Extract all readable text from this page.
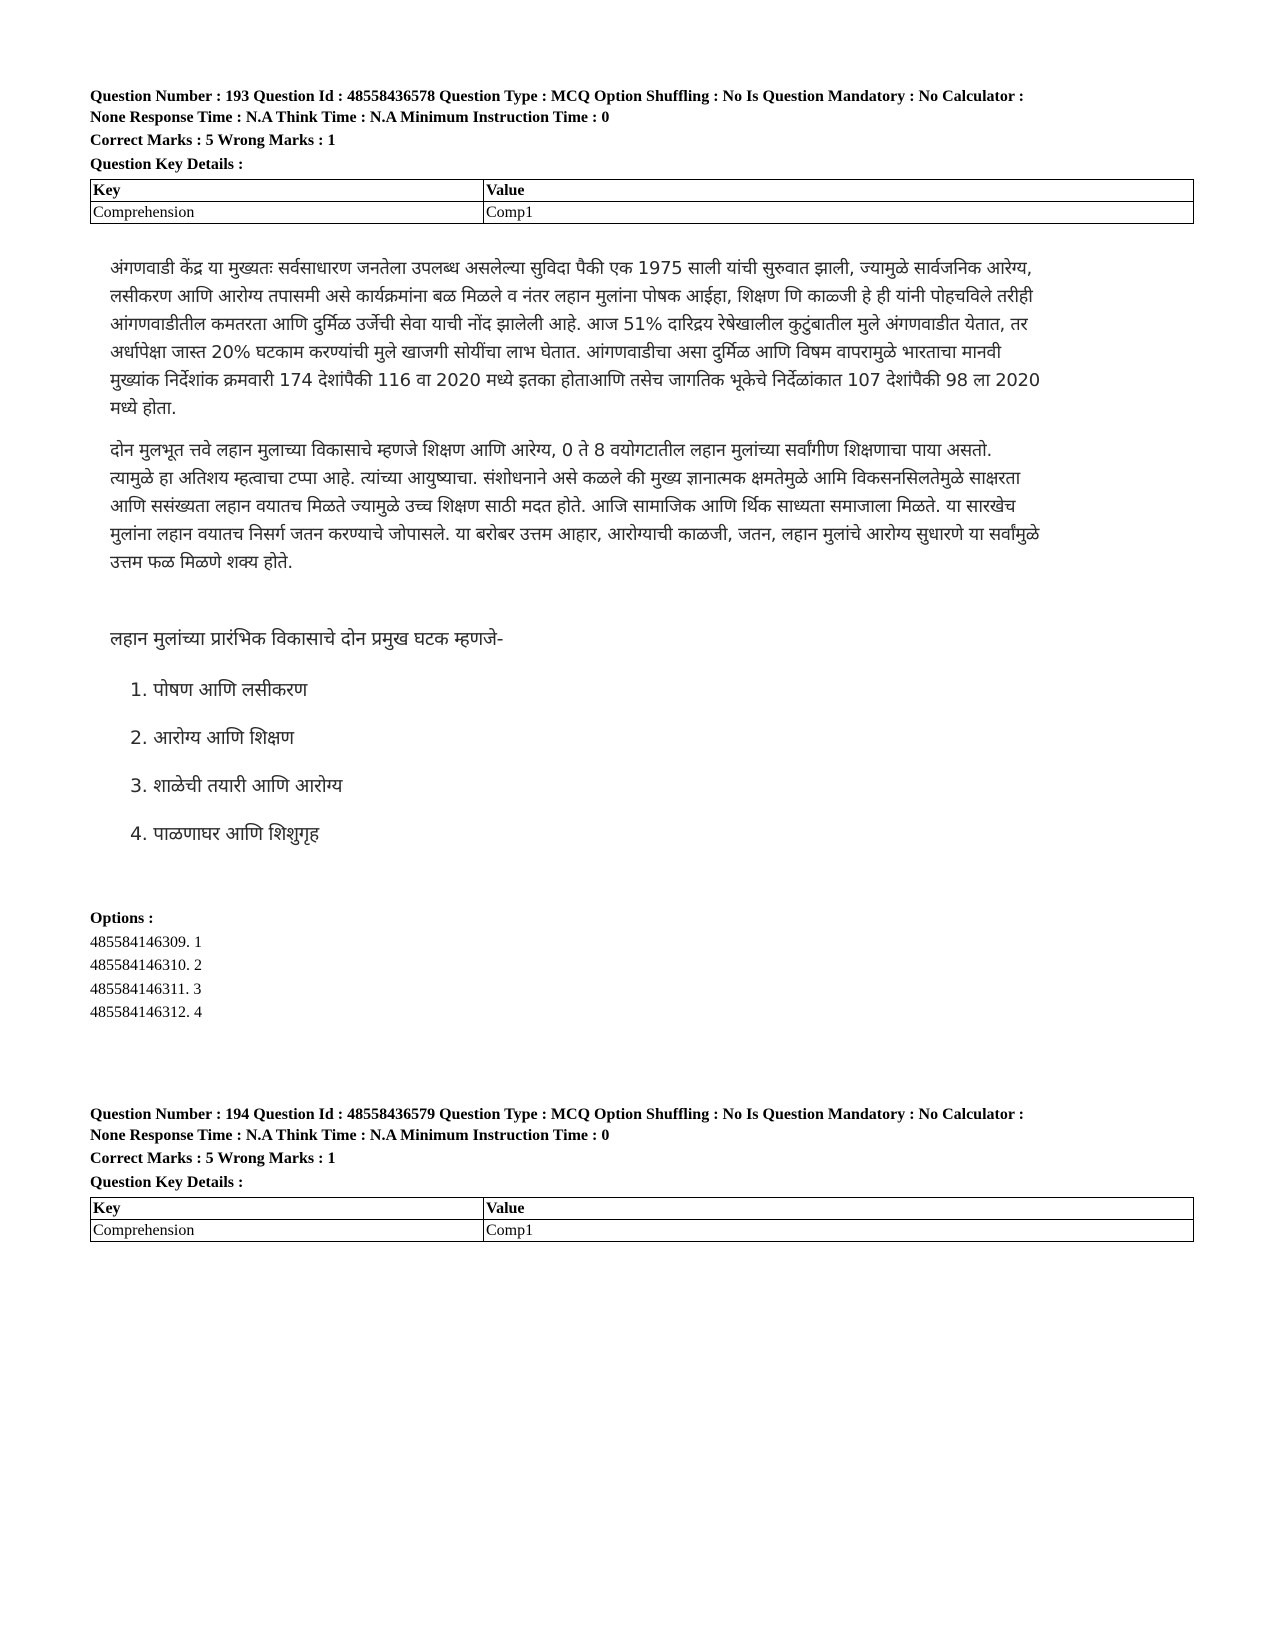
Question Number : 193 Question Id : 48558436578 Question Type : MCQ Option Shuffling : No Is Question Mandatory : No Calculator :
None Response Time : N.A Think Time : N.A Minimum Instruction Time : 0
Correct Marks : 5 Wrong Marks : 1
Question Key Details :
Key	Value
Comprehension	Comp1

अंगणवाडी केंद्र या मुख्यतः सर्वसाधारण जनतेला उपलब्ध असलेल्या सुविदा पैकी एक 1975 साली यांची सुरुवात झाली, ज्यामुळे सार्वजनिक आरेग्य, लसीकरण आणि आरोग्य तपासमी असे कार्यक्रमांना बळ मिळले व नंतर लहान मुलांना पोषक आईहा, शिक्षण णि काळ्जी हे ही यांनी पोहचविले तरीही आंगणवाडीतील कमतरता आणि दुर्मिळ उर्जेची सेवा याची नोंद झालेली आहे. आज 51% दारिद्रय रेषेखालील कुटुंबातील मुले अंगणवाडीत येतात, तर अर्धापेक्षा जास्त 20% घटकाम करण्यांची मुले खाजगी सोयींचा लाभ घेतात. आंगणवाडीचा असा दुर्मिळ आणि विषम वापरामुळे भारताचा मानवी मुख्यांक निर्देशांक क्रमवारी 174 देशांपैकी 116 वा 2020 मध्ये इतका होताआणि तसेच जागतिक भूकेचे निर्देळांकात 107 देशांपैकी 98 ला 2020 मध्ये होता.

दोन मुलभूत त्तवे लहान मुलाच्या विकासाचे म्हणजे शिक्षण आणि आरेग्य, 0 ते 8 वयोगटातील लहान मुलांच्या सर्वांगीण शिक्षणाचा पाया असतो. त्यामुळे हा अतिशय म्हत्वाचा टप्पा आहे. त्यांच्या आयुष्याचा. संशोधनाने असे कळले की मुख्य ज्ञानात्मक क्षमतेमुळे आमि विकसनसिलतेमुळे साक्षरता आणि ससंख्यता लहान वयातच मिळते ज्यामुळे उच्च शिक्षण साठी मदत होते. आजि सामाजिक आणि र्थिक साध्यता समाजाला मिळते. या सारखेच मुलांना लहान वयातच निसर्ग जतन करण्याचे जोपासले. या बरोबर उत्तम आहार, आरोग्याची काळजी, जतन, लहान मुलांचे आरोग्य सुधारणे या सर्वांमुळे उत्तम फळ मिळणे शक्य होते.

लहान मुलांच्या प्रारंभिक विकासाचे दोन प्रमुख घटक म्हणजे-

1. पोषण आणि लसीकरण
2. आरोग्य आणि शिक्षण
3. शाळेची तयारी आणि आरोग्य
4. पाळणाघर आणि शिशुगृह
Options :
485584146309. 1
485584146310. 2
485584146311. 3
485584146312. 4
Question Number : 194 Question Id : 48558436579 Question Type : MCQ Option Shuffling : No Is Question Mandatory : No Calculator :
None Response Time : N.A Think Time : N.A Minimum Instruction Time : 0
Correct Marks : 5 Wrong Marks : 1
Question Key Details :
Key	Value
Comprehension	Comp1
